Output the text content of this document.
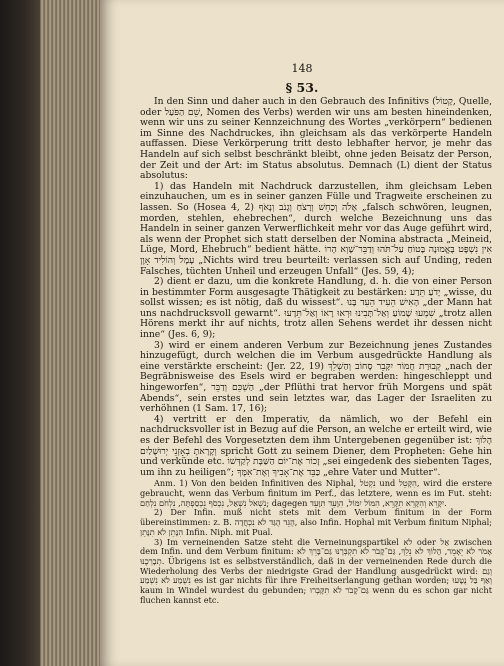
148
§ 53.

In den Sinn und daher auch in den Gebrauch des Infinitivs (קָטוֹל, Quelle, oder שֵׁם הַפֹּעַל, Nomen des Verbs) werden wir uns am besten hineindenken, wenn wir uns zu seiner Kennzeichnung des Wortes „verkörpern“ bedienen im Sinne des Nachdruckes, ihn gleichsam als das verkörperte Handeln auffassen. Diese Verkörperung tritt desto lebhafter hervor, je mehr das Handeln auf sich selbst beschränkt bleibt, ohne jeden Beisatz der Person, der Zeit und der Art: im Status absolutus. Demnach (L) dient der Status absolutus:

1) das Handeln mit Nachdruck darzustellen, ihm gleichsam Leben einzuhauchen, um es in seiner ganzen Fülle und Tragweite erscheinen zu lassen. So (Hosea 4, 2) אָלֹה וְכַחֵשׁ וְרָצֹחַ וְגָנֹב וְנָאֹף „falsch schwören, leugnen, morden, stehlen, ehebrechen“, durch welche Bezeichnung uns das Handeln in seiner ganzen Verwerflichkeit mehr vor das Auge geführt wird, als wenn der Prophet sich statt derselben der Nomina abstracta „Meineid, Lüge, Mord, Ehebruch“ bedient hätte. אִין נִשְׁפָּט בֶּאֱמוּנָה בָּטוֹחַ עַל־תֹּהוּ וְדַבֵּר־שָׁוְא הָרוֹ עָמָל וְהוֹלִיד אָוֶן „Nichts wird treu beurteilt: verlassen sich auf Unding, reden Falsches, tüchten Unheil und erzeugen Unfall“ (Jes. 59, 4);

2) dient er dazu, um die konkrete Handlung, d. h. die von einer Person in bestimmter Form ausgesagte Thätigkeit zu bestärken: יָדֹעַ תֵּדַע „wisse, du sollst wissen; es ist nötig, daß du wissest“. הָאִישׁ הֵעִיד הֵעִד בָּנוּ „der Mann hat uns nachdrucksvoll gewarnt“. שִׁמְעוּ שָׁמוֹעַ וְאַל־תָּבִינוּ וּרְאוּ רָאוֹ וְאַל־תֵּדָעוּ „trotz allen Hörens merkt ihr auf nichts, trotz allen Sehens werdet ihr dessen nicht inne“ (Jes. 6, 9);

3) wird er einem anderen Verbum zur Bezeichnung jenes Zustandes hinzugefügt, durch welchen die im Verbum ausgedrückte Handlung als eine verstärkte erscheint: (Jer. 22, 19) קְבוּרַת חֲמוֹר יִקָּבֵר סָחוֹב וְהַשְׁלֵךְ „nach der Begräbnisweise des Esels wird er begraben werden: hingeschleppt und hingeworfen“, הַשְׁכֵּם וְדַבֵּר „der Pflüthi trat hervor früh Morgens und spät Abends“, sein erstes und sein letztes war, das Lager der Israeliten zu verhöhnen (1 Sam. 17, 16);

4) vertritt er den Imperativ, da nämlich, wo der Befehl ein nachdrucksvoller ist in Bezug auf die Person, an welche er erteilt wird, wie es der Befehl des Vorgesetzten dem ihm Untergebenen gegenüber ist: הָלוֹךְ וְקָרָאתָ בְאָזְנֵי יְרוּשָׁלַיִם spricht Gott zu seinem Diener, dem Propheten: Gehe hin und verkünde etc. זָכוֹר אֶת־יוֹם הַשַּׁבָּת לְקַדְּשׁוֹ „sei eingedenk des siebenten Tages, um ihn zu heiligen“; כַּבֵּד אֶת־אָבִיךָ וְאֶת־אִמֶּךָ „ehre Vater und Mutter“.

Anm. 1) Von den beiden Infinitiven des Niphal, נִקְטֹל und הִקָּטֵל, wird die erstere gebraucht, wenn das Verbum finitum im Perf., das letztere, wenn es im Fut. steht: נִשְׁאֹל נִשְׁאַל, נִכְסֹף נִכְסַפְתָּה, נִלְחֹם נִלְחַם; dagegen יִקָּרֵא וְהִקָּרֵא תִקָּרֵא, הִמּוֹל יִמּוֹל, הִוָּעֵד תִּוָּעֵד.

2) Der Infin. muß nicht stets mit dem Verbum finitum in der Form übereinstimmen: z. B. הֻגֵּד הֻגַּד לֹא נִכְחֲדָה, also Infin. Hophal mit Verbum finitum Niphal; הִנָּתֵן לֹא תִנָּתֵן Infin. Niph. mit Pual.

3) Im verneinenden Satze steht die Verneinungspartikel לֹא oder אַל zwischen dem Infin. und dem Verbum finitum: אָמֹר לֹא יֵאָמֵר, הָלוֹךְ לֹא נֵלֵךְ, גַּם־קָבֹר לֹא תִקְבְּרֶנּוּ גַּם־בָּרֵךְ לֹא תְבָרְכֶנּוּ. Übrigens ist es selbstverständlich, daß in der verneinenden Rede durch die Wiederholung des Verbs der niedrigste Grad der Handlung ausgedrückt wird: וְגַם נִשְׁמַע לֹא נִשְׁמַע es ist gar nichts für ihre Freiheitserlangung gethan worden; וְאַף בַּל נֻטָּעוּ kaum in Windel wurdest du gebunden; גַּם־קָבֹר לֹא תִקָּבְרוּ wenn du es schon gar nicht fluchen kannst etc.
